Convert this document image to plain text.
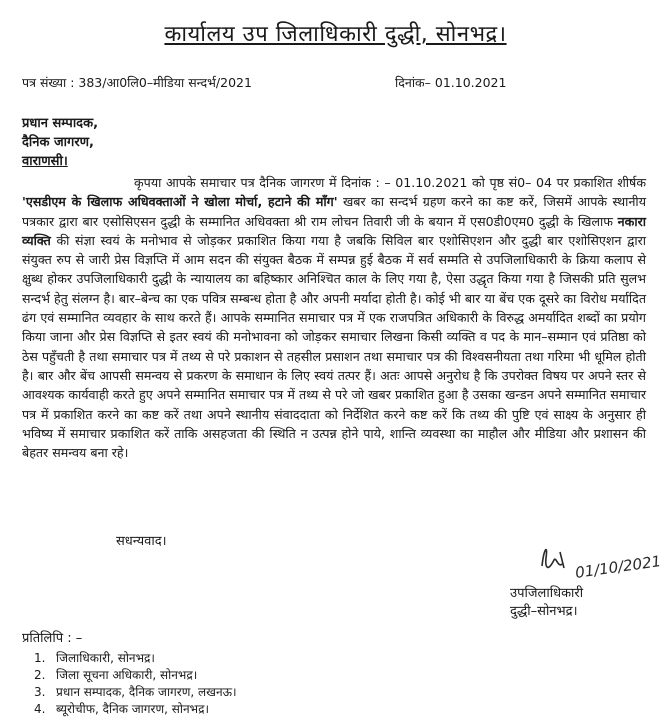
कार्यालय उप जिलाधिकारी दुद्धी, सोनभद्र।
पत्र संख्या : 383/आ0लि0–मीडिया सन्दर्भ/2021	दिनांक– 01.10.2021
प्रधान सम्पादक,
दैनिक जागरण,
वाराणसी।

कृपया आपके समाचार पत्र दैनिक जागरण में दिनांक : – 01.10.2021 को पृष्ठ सं0– 04 पर प्रकाशित शीर्षक 'एसडीएम के खिलाफ अधिवक्ताओं ने खोला मोर्चा, हटाने की माँग' खबर का सन्दर्भ ग्रहण करने का कष्ट करें, जिसमें आपके स्थानीय पत्रकार द्वारा बार एसोसिएसन दुद्धी के सम्मानित अधिवक्ता श्री राम लोचन तिवारी जी के बयान में एस0डी0एम0 दुद्धी के खिलाफ नकारा व्यक्ति की संज्ञा स्वयं के मनोभाव से जोड़कर प्रकाशित किया गया है जबकि सिविल बार एशोसिएशन और दुद्धी बार एशोसिएशन द्वारा संयुक्त रुप से जारी प्रेस विज्ञप्ति में आम सदन की संयुक्त बैठक में सम्पन्न हुई बैठक में सर्व सम्मति से उपजिलाधिकारी के क्रिया कलाप से क्षुब्ध होकर उपजिलाधिकारी दुद्धी के न्यायालय का बहिष्कार अनिश्चित काल के लिए गया है, ऐसा उद्धृत किया गया है जिसकी प्रति सुलभ सन्दर्भ हेतु संलग्न है। बार–बेन्च का एक पवित्र सम्बन्ध होता है और अपनी मर्यादा होती है। कोई भी बार या बेंच एक दूसरे का विरोध मर्यादित ढंग एवं सम्मानित व्यवहार के साथ करते हैं। आपके सम्मानित समाचार पत्र में एक राजपत्रित अधिकारी के विरुद्ध अमर्यादित शब्दों का प्रयोग किया जाना और प्रेस विज्ञप्ति से इतर स्वयं की मनोभावना को जोड़कर समाचार लिखना किसी व्यक्ति व पद के मान–सम्मान एवं प्रतिष्ठा को ठेस पहुँचती है तथा समाचार पत्र में तथ्य से परे प्रकाशन से तहसील प्रसाशन तथा समाचार पत्र की विश्वसनीयता तथा गरिमा भी धूमिल होती है। बार और बेंच आपसी समन्वय से प्रकरण के समाधान के लिए स्वयं तत्पर हैं। अतः आपसे अनुरोध है कि उपरोक्त विषय पर अपने स्तर से आवश्यक कार्यवाही करते हुए अपने सम्मानित समाचार पत्र में तथ्य से परे जो खबर प्रकाशित हुआ है उसका खन्डन अपने सम्मानित समाचार पत्र में प्रकाशित करने का कष्ट करें तथा अपने स्थानीय संवाददाता को निर्देशित करने कष्ट करें कि तथ्य की पुष्टि एवं साक्ष्य के अनुसार ही भविष्य में समाचार प्रकाशित करें ताकि असहजता की स्थिति न उत्पन्न होने पाये, शान्ति व्यवस्था का माहौल और मीडिया और प्रशासन की बेहतर समन्वय बना रहे।

सधन्यवाद।
01/10/2021
उपजिलाधिकारी
दुद्धी–सोनभद्र।
प्रतिलिपि : –
1. जिलाधिकारी, सोनभद्र।
2. जिला सूचना अधिकारी, सोनभद्र।
3. प्रधान सम्पादक, दैनिक जागरण, लखनऊ।
4. ब्यूरोचीफ, दैनिक जागरण, सोनभद्र।
